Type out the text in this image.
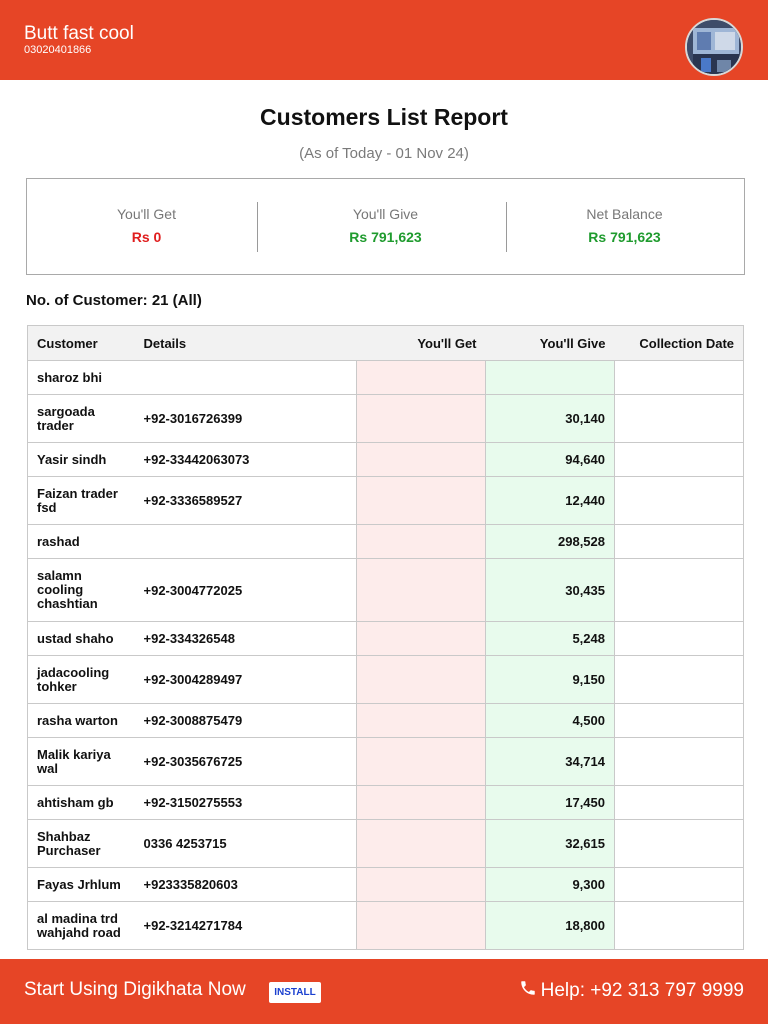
Butt fast cool
03020401866
Customers List Report
(As of Today - 01 Nov 24)
You'll Get
Rs 0
You'll Give
Rs 791,623
Net Balance
Rs 791,623
No. of Customer: 21 (All)
Customer	Details	You'll Get	You'll Give	Collection Date
sharoz bhi				
sargoada trader	+92-3016726399		30,140	
Yasir sindh	+92-33442063073		94,640	
Faizan trader fsd	+92-3336589527		12,440	
rashad			298,528	
salamn cooling chashtian	+92-3004772025		30,435	
ustad shaho	+92-334326548		5,248	
jadacooling tohker	+92-3004289497		9,150	
rasha warton	+92-3008875479		4,500	
Malik kariya wal	+92-3035676725		34,714	
ahtisham gb	+92-3150275553		17,450	
Shahbaz Purchaser	0336 4253715		32,615	
Fayas Jrhlum	+923335820603		9,300	
al madina trd wahjahd road	+92-3214271784		18,800	
Start Using Digikhata Now	INSTALL	Help: +92 313 797 9999
